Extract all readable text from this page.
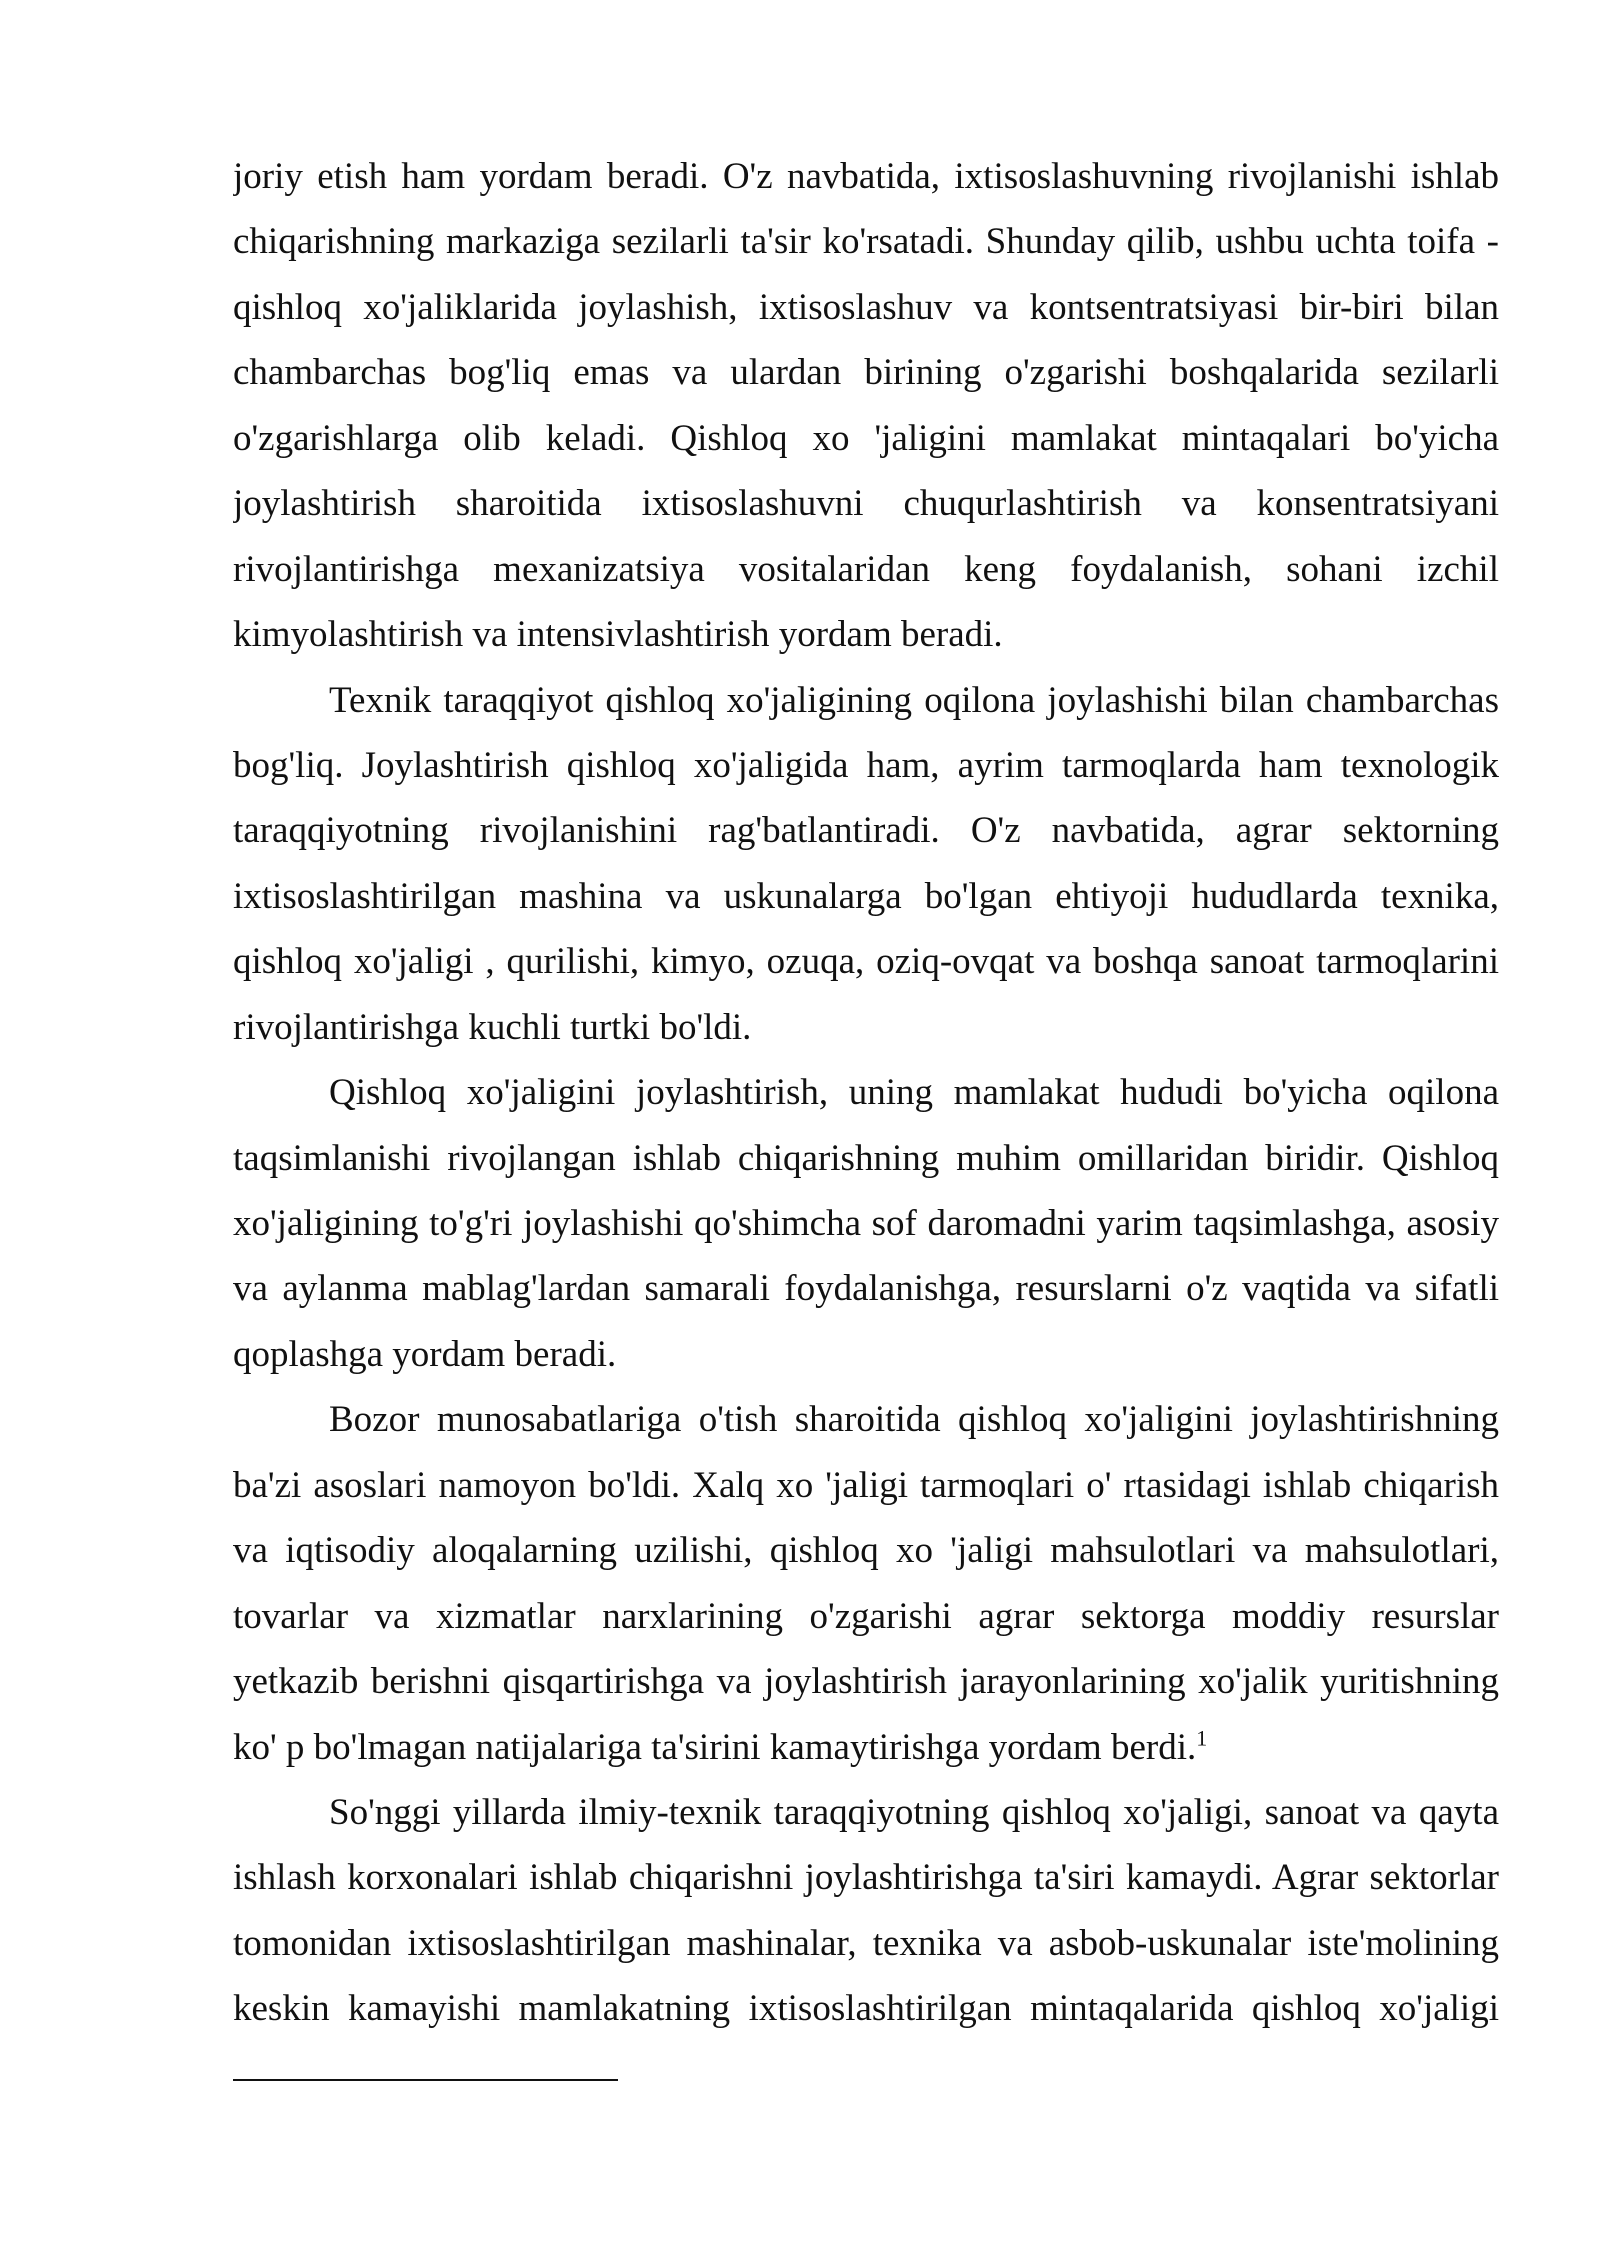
joriy etish ham yordam beradi. O'z navbatida, ixtisoslashuvning rivojlanishi ishlab
chiqarishning markaziga sezilarli ta'sir ko'rsatadi. Shunday qilib, ushbu uchta toifa -
qishloq xo'jaliklarida joylashish, ixtisoslashuv va kontsentratsiyasi bir-biri bilan
chambarchas bog'liq emas va ulardan birining o'zgarishi boshqalarida sezilarli
o'zgarishlarga olib keladi. Qishloq xo 'jaligini mamlakat mintaqalari bo'yicha
joylashtirish sharoitida ixtisoslashuvni chuqurlashtirish va konsentratsiyani
rivojlantirishga mexanizatsiya vositalaridan keng foydalanish, sohani izchil
kimyolashtirish va intensivlashtirish yordam beradi.
Texnik taraqqiyot qishloq xo'jaligining oqilona joylashishi bilan chambarchas
bog'liq. Joylashtirish qishloq xo'jaligida ham, ayrim tarmoqlarda ham texnologik
taraqqiyotning rivojlanishini rag'batlantiradi. O'z navbatida, agrar sektorning
ixtisoslashtirilgan mashina va uskunalarga bo'lgan ehtiyoji hududlarda texnika,
qishloq xo'jaligi , qurilishi, kimyo, ozuqa, oziq-ovqat va boshqa sanoat tarmoqlarini
rivojlantirishga kuchli turtki bo'ldi.
Qishloq xo'jaligini joylashtirish, uning mamlakat hududi bo'yicha oqilona
taqsimlanishi rivojlangan ishlab chiqarishning muhim omillaridan biridir. Qishloq
xo'jaligining to'g'ri joylashishi qo'shimcha sof daromadni yarim taqsimlashga, asosiy
va aylanma mablag'lardan samarali foydalanishga, resurslarni o'z vaqtida va sifatli
qoplashga yordam beradi.
Bozor munosabatlariga o'tish sharoitida qishloq xo'jaligini joylashtirishning
ba'zi asoslari namoyon bo'ldi. Xalq xo 'jaligi tarmoqlari o' rtasidagi ishlab chiqarish
va iqtisodiy aloqalarning uzilishi, qishloq xo 'jaligi mahsulotlari va mahsulotlari,
tovarlar va xizmatlar narxlarining o'zgarishi agrar sektorga moddiy resurslar
yetkazib berishni qisqartirishga va joylashtirish jarayonlarining xo'jalik yuritishning
ko' p bo'lmagan natijalariga ta'sirini kamaytirishga yordam berdi.$^1$
So'nggi yillarda ilmiy-texnik taraqqiyotning qishloq xo'jaligi, sanoat va qayta
ishlash korxonalari ishlab chiqarishni joylashtirishga ta'siri kamaydi. Agrar sektorlar
tomonidan ixtisoslashtirilgan mashinalar, texnika va asbob-uskunalar iste'molining
keskin kamayishi mamlakatning ixtisoslashtirilgan mintaqalarida qishloq xo'jaligi
